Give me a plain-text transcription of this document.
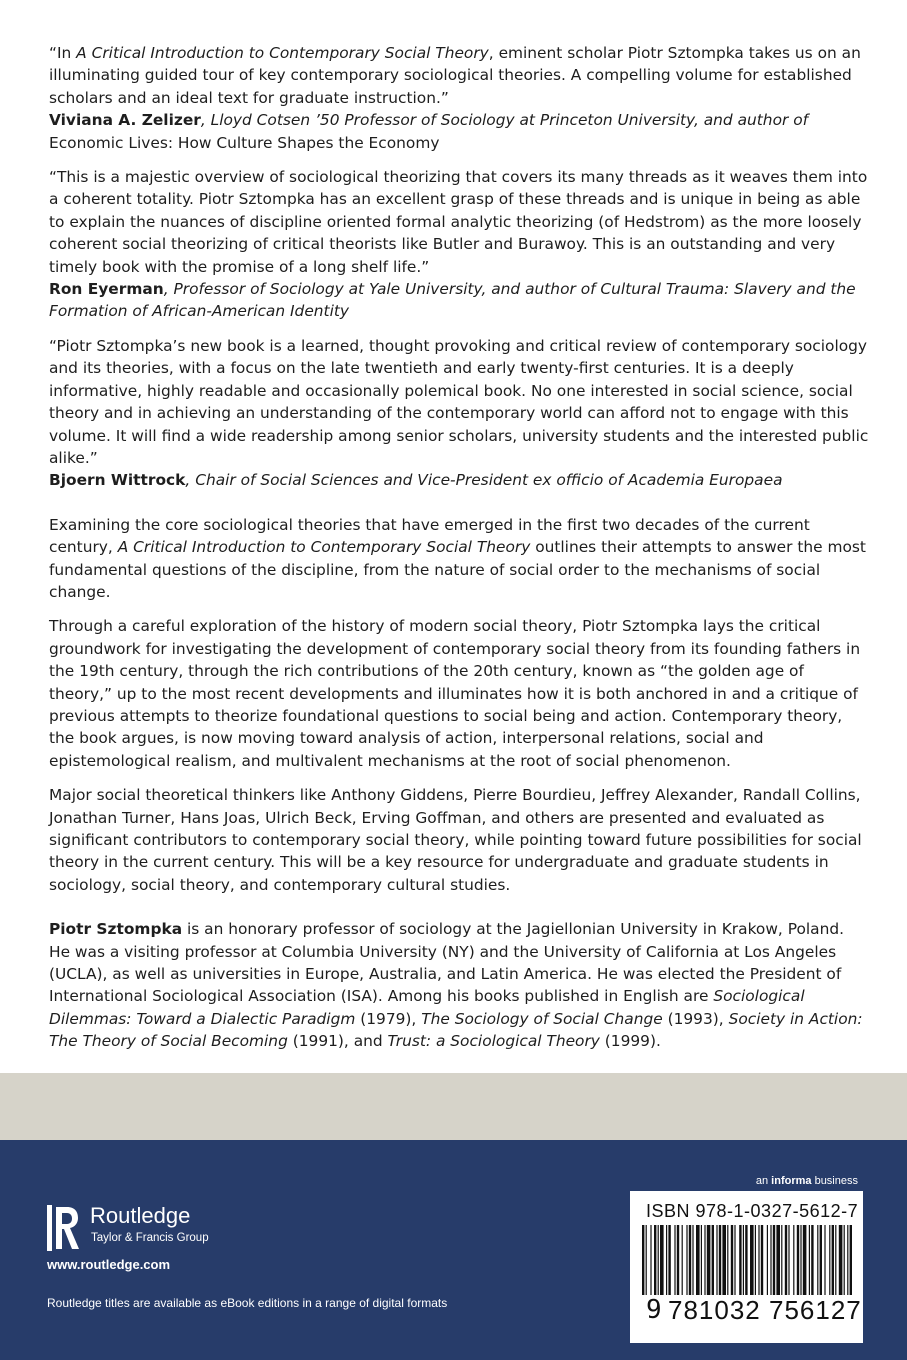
“In A Critical Introduction to Contemporary Social Theory, eminent scholar Piotr Sztompka takes us on an illuminating guided tour of key contemporary sociological theories. A compelling volume for established scholars and an ideal text for graduate instruction.”
Viviana A. Zelizer, Lloyd Cotsen ’50 Professor of Sociology at Princeton University, and author of Economic Lives: How Culture Shapes the Economy

“This is a majestic overview of sociological theorizing that covers its many threads as it weaves them into a coherent totality. Piotr Sztompka has an excellent grasp of these threads and is unique in being as able to explain the nuances of discipline oriented formal analytic theorizing (of Hedstrom) as the more loosely coherent social theorizing of critical theorists like Butler and Burawoy. This is an outstanding and very timely book with the promise of a long shelf life.”
Ron Eyerman, Professor of Sociology at Yale University, and author of Cultural Trauma: Slavery and the Formation of African-American Identity

“Piotr Sztompka’s new book is a learned, thought provoking and critical review of contemporary sociology and its theories, with a focus on the late twentieth and early twenty-first centuries. It is a deeply informative, highly readable and occasionally polemical book. No one interested in social science, social theory and in achieving an understanding of the contemporary world can afford not to engage with this volume. It will find a wide readership among senior scholars, university students and the interested public alike.”
Bjoern Wittrock, Chair of Social Sciences and Vice-President ex officio of Academia Europaea

Examining the core sociological theories that have emerged in the first two decades of the current century, A Critical Introduction to Contemporary Social Theory outlines their attempts to answer the most fundamental questions of the discipline, from the nature of social order to the mechanisms of social change.

Through a careful exploration of the history of modern social theory, Piotr Sztompka lays the critical groundwork for investigating the development of contemporary social theory from its founding fathers in the 19th century, through the rich contributions of the 20th century, known as “the golden age of theory,” up to the most recent developments and illuminates how it is both anchored in and a critique of previous attempts to theorize foundational questions to social being and action. Contemporary theory, the book argues, is now moving toward analysis of action, interpersonal relations, social and epistemological realism, and multivalent mechanisms at the root of social phenomenon.

Major social theoretical thinkers like Anthony Giddens, Pierre Bourdieu, Jeffrey Alexander, Randall Collins, Jonathan Turner, Hans Joas, Ulrich Beck, Erving Goffman, and others are presented and evaluated as significant contributors to contemporary social theory, while pointing toward future possibilities for social theory in the current century. This will be a key resource for undergraduate and graduate students in sociology, social theory, and contemporary cultural studies.

Piotr Sztompka is an honorary professor of sociology at the Jagiellonian University in Krakow, Poland. He was a visiting professor at Columbia University (NY) and the University of California at Los Angeles (UCLA), as well as universities in Europe, Australia, and Latin America. He was elected the President of International Sociological Association (ISA). Among his books published in English are Sociological Dilemmas: Toward a Dialectic Paradigm (1979), The Sociology of Social Change (1993), Society in Action: The Theory of Social Becoming (1991), and Trust: a Sociological Theory (1999).

Routledge
Taylor & Francis Group
www.routledge.com
Routledge titles are available as eBook editions in a range of digital formats
an informa business
ISBN 978-1-0327-5612-7
9 781032 756127
